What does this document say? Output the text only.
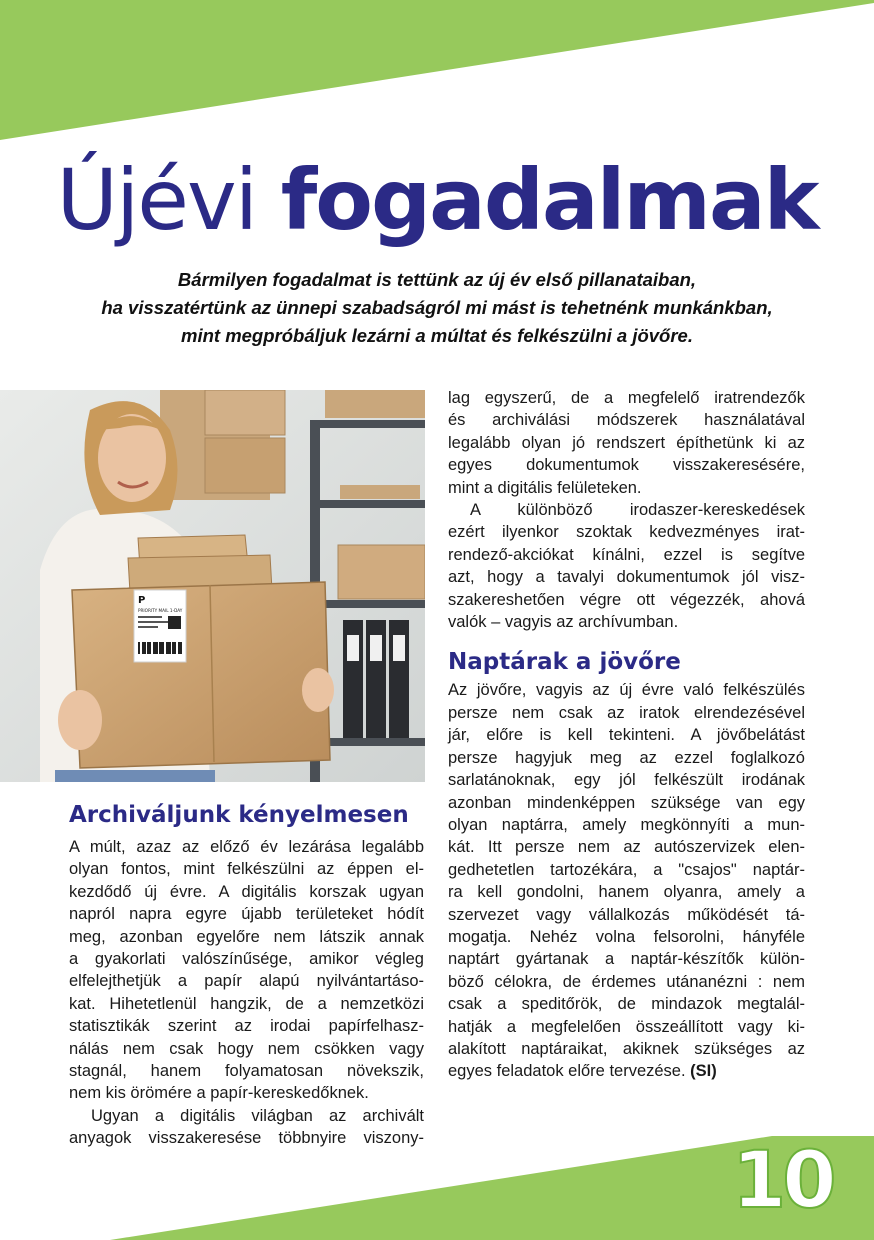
Újévi fogadalmak
Bármilyen fogadalmat is tettünk az új év első pillanataiban,
ha visszatértünk az ünnepi szabadságról mi mást is tehetnénk munkánkban,
mint megpróbáljuk lezárni a múltat és felkészülni a jövőre.
P
PRIORITY MAIL 1-DAY
Archiváljunk kényelmesen
A múlt, azaz az előző év lezárása legalább
olyan fontos, mint felkészülni az éppen el-
kezdődő új évre. A digitális korszak ugyan
napról napra egyre újabb területeket hódít
meg, azonban egyelőre nem látszik annak
a gyakorlati valószínűsége, amikor végleg
elfelejthetjük a papír alapú nyilvántartáso-
kat. Hihetetlenül hangzik, de a nemzetközi
statisztikák szerint az irodai papírfelhasz-
nálás nem csak hogy nem csökken vagy
stagnál, hanem folyamatosan növekszik,
nem kis örömére a papír-kereskedőknek.
Ugyan a digitális világban az archivált
anyagok visszakeresése többnyire viszony-
lag egyszerű, de a megfelelő iratrendezők
és archiválási módszerek használatával
legalább olyan jó rendszert építhetünk ki az
egyes dokumentumok visszakeresésére,
mint a digitális felületeken.
A különböző irodaszer-kereskedések
ezért ilyenkor szoktak kedvezményes irat-
rendező-akciókat kínálni, ezzel is segítve
azt, hogy a tavalyi dokumentumok jól visz-
szakereshetően végre ott végezzék, ahová
valók – vagyis az archívumban.
Naptárak a jövőre
Az jövőre, vagyis az új évre való felkészülés
persze nem csak az iratok elrendezésével
jár, előre is kell tekinteni. A jövőbelátást
persze hagyjuk meg az ezzel foglalkozó
sarlatánoknak, egy jól felkészült irodának
azonban mindenképpen szüksége van egy
olyan naptárra, amely megkönnyíti a mun-
kát. Itt persze nem az autószervizek elen-
gedhetetlen tartozékára, a "csajos" naptár-
ra kell gondolni, hanem olyanra, amely a
szervezet vagy vállalkozás működését tá-
mogatja. Nehéz volna felsorolni, hányféle
naptárt gyártanak a naptár-készítők külön-
böző célokra, de érdemes utánanézni : nem
csak a speditőrök, de mindazok megtalál-
hatják a megfelelően összeállított vagy ki-
alakított naptáraikat, akiknek szükséges az
egyes feladatok előre tervezése. (SI)
10
